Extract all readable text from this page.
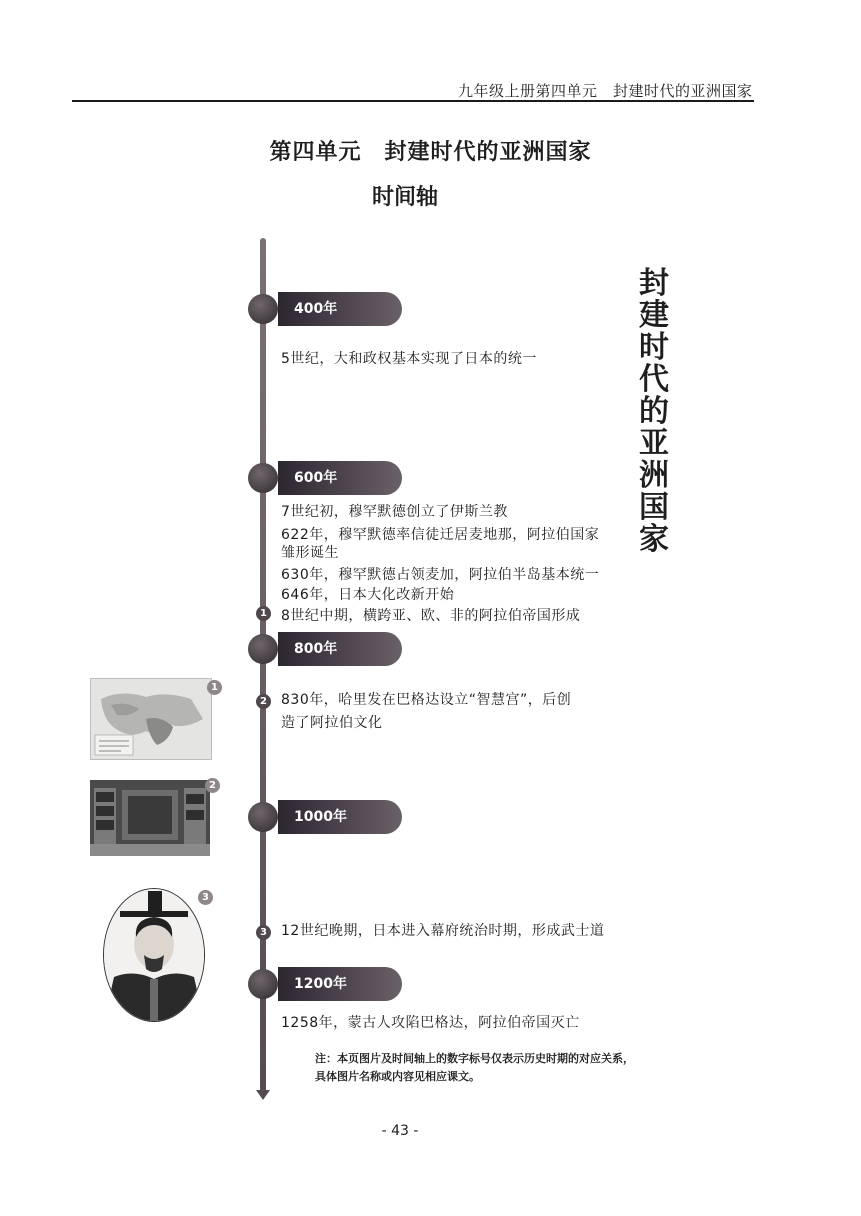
九年级上册第四单元　封建时代的亚洲国家
第四单元　封建时代的亚洲国家
时间轴
封
建
时
代
的
亚
洲
国
家
400年
5世纪，大和政权基本实现了日本的统一
600年
7世纪初，穆罕默德创立了伊斯兰教
622年，穆罕默德率信徒迁居麦地那，阿拉伯国家
雏形诞生
630年，穆罕默德占领麦加，阿拉伯半岛基本统一
646年，日本大化改新开始
1 8世纪中期，横跨亚、欧、非的阿拉伯帝国形成
800年
2 830年，哈里发在巴格达设立“智慧宫”，后创
造了阿拉伯文化
1000年
3 12世纪晚期，日本进入幕府统治时期，形成武士道
1200年
1258年，蒙古人攻陷巴格达，阿拉伯帝国灭亡
1
2
3
注：本页图片及时间轴上的数字标号仅表示历史时期的对应关系，
具体图片名称或内容见相应课文。
- 43 -
